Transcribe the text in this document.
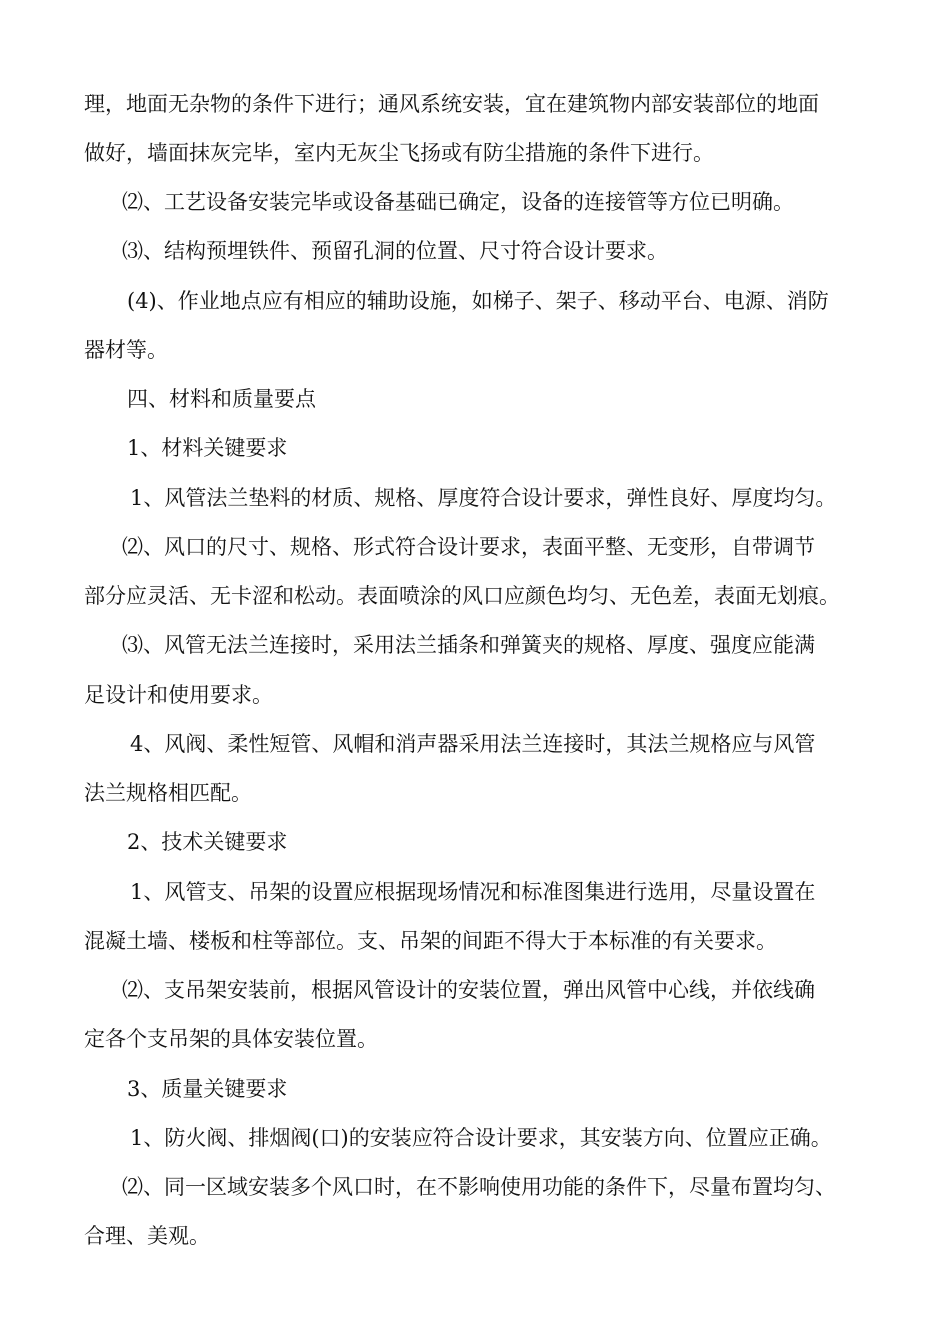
理，地面无杂物的条件下进行；通风系统安装，宜在建筑物内部安装部位的地面
做好，墙面抹灰完毕，室内无灰尘飞扬或有防尘措施的条件下进行。
⑵、工艺设备安装完毕或设备基础已确定，设备的连接管等方位已明确。
⑶、结构预埋铁件、预留孔洞的位置、尺寸符合设计要求。
(4)、作业地点应有相应的辅助设施，如梯子、架子、移动平台、电源、消防
器材等。
四、材料和质量要点
1、材料关键要求
1、风管法兰垫料的材质、规格、厚度符合设计要求，弹性良好、厚度均匀。
⑵、风口的尺寸、规格、形式符合设计要求，表面平整、无变形，自带调节
部分应灵活、无卡涩和松动。表面喷涂的风口应颜色均匀、无色差，表面无划痕。
⑶、风管无法兰连接时，采用法兰插条和弹簧夹的规格、厚度、强度应能满
足设计和使用要求。
4、风阀、柔性短管、风帽和消声器采用法兰连接时，其法兰规格应与风管
法兰规格相匹配。
2、技术关键要求
1、风管支、吊架的设置应根据现场情况和标准图集进行选用，尽量设置在
混凝土墙、楼板和柱等部位。支、吊架的间距不得大于本标准的有关要求。
⑵、支吊架安装前，根据风管设计的安装位置，弹出风管中心线，并依线确
定各个支吊架的具体安装位置。
3、质量关键要求
1、防火阀、排烟阀(口)的安装应符合设计要求，其安装方向、位置应正确。
⑵、同一区域安装多个风口时，在不影响使用功能的条件下，尽量布置均匀、
合理、美观。
